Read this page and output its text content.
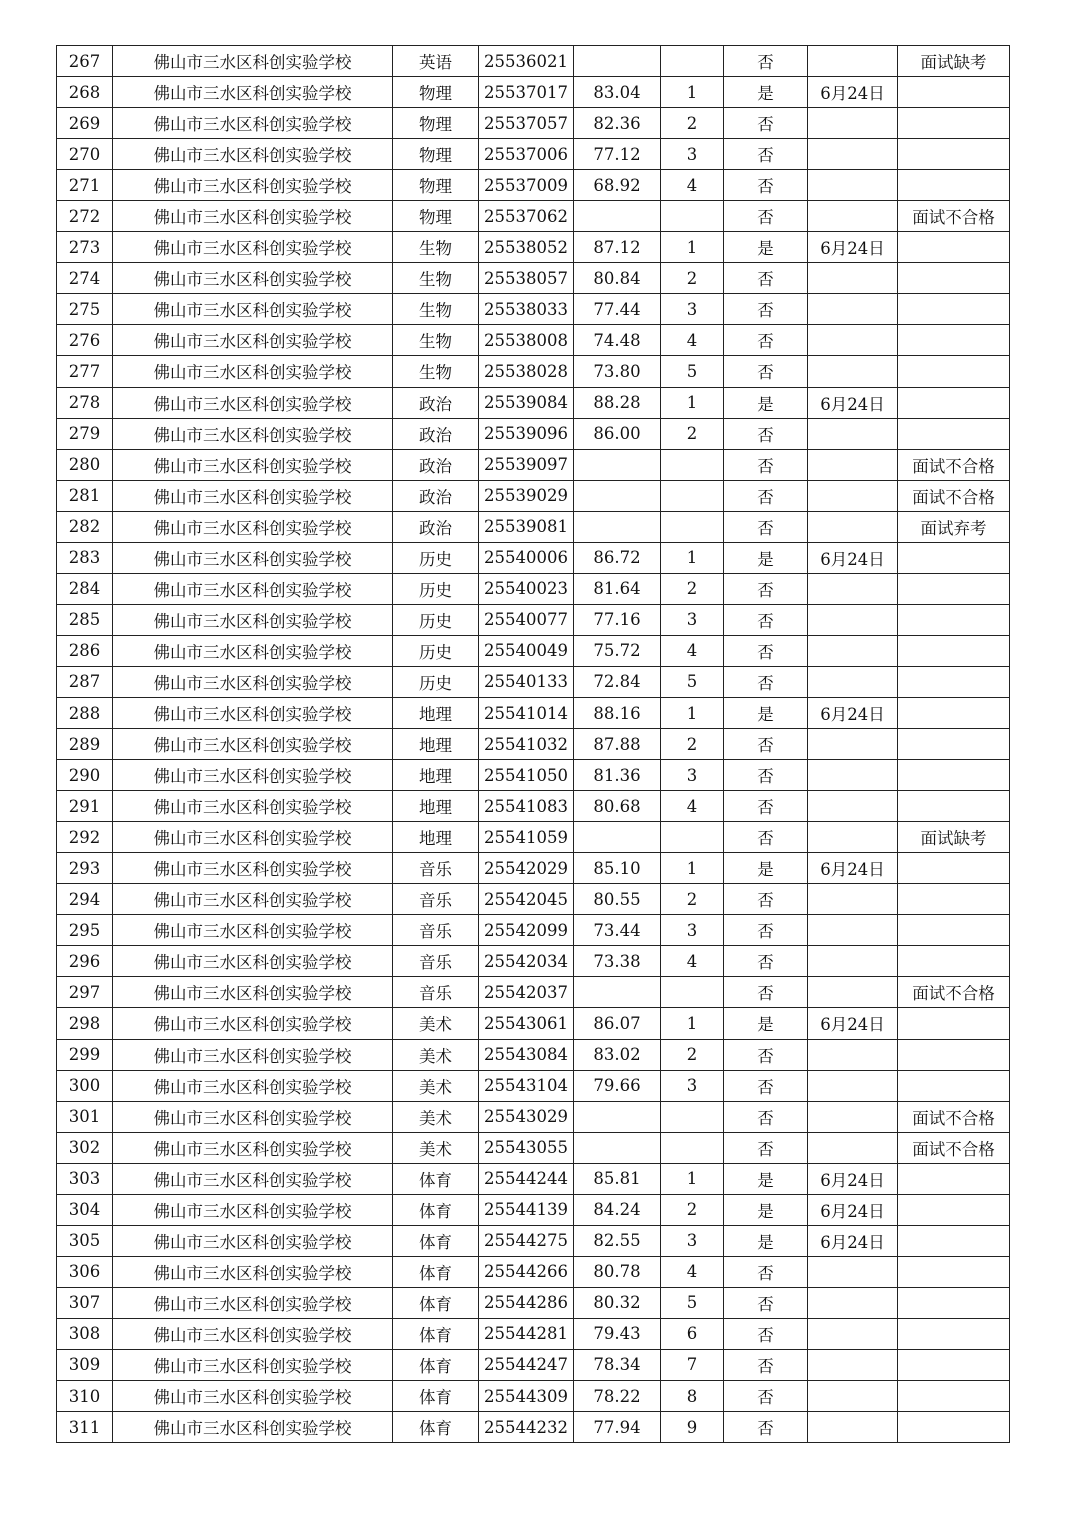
267	佛山市三水区科创实验学校	英语	25536021			否		面试缺考
268	佛山市三水区科创实验学校	物理	25537017	83.04	1	是	6月24日	
269	佛山市三水区科创实验学校	物理	25537057	82.36	2	否		
270	佛山市三水区科创实验学校	物理	25537006	77.12	3	否		
271	佛山市三水区科创实验学校	物理	25537009	68.92	4	否		
272	佛山市三水区科创实验学校	物理	25537062			否		面试不合格
273	佛山市三水区科创实验学校	生物	25538052	87.12	1	是	6月24日	
274	佛山市三水区科创实验学校	生物	25538057	80.84	2	否		
275	佛山市三水区科创实验学校	生物	25538033	77.44	3	否		
276	佛山市三水区科创实验学校	生物	25538008	74.48	4	否		
277	佛山市三水区科创实验学校	生物	25538028	73.80	5	否		
278	佛山市三水区科创实验学校	政治	25539084	88.28	1	是	6月24日	
279	佛山市三水区科创实验学校	政治	25539096	86.00	2	否		
280	佛山市三水区科创实验学校	政治	25539097			否		面试不合格
281	佛山市三水区科创实验学校	政治	25539029			否		面试不合格
282	佛山市三水区科创实验学校	政治	25539081			否		面试弃考
283	佛山市三水区科创实验学校	历史	25540006	86.72	1	是	6月24日	
284	佛山市三水区科创实验学校	历史	25540023	81.64	2	否		
285	佛山市三水区科创实验学校	历史	25540077	77.16	3	否		
286	佛山市三水区科创实验学校	历史	25540049	75.72	4	否		
287	佛山市三水区科创实验学校	历史	25540133	72.84	5	否		
288	佛山市三水区科创实验学校	地理	25541014	88.16	1	是	6月24日	
289	佛山市三水区科创实验学校	地理	25541032	87.88	2	否		
290	佛山市三水区科创实验学校	地理	25541050	81.36	3	否		
291	佛山市三水区科创实验学校	地理	25541083	80.68	4	否		
292	佛山市三水区科创实验学校	地理	25541059			否		面试缺考
293	佛山市三水区科创实验学校	音乐	25542029	85.10	1	是	6月24日	
294	佛山市三水区科创实验学校	音乐	25542045	80.55	2	否		
295	佛山市三水区科创实验学校	音乐	25542099	73.44	3	否		
296	佛山市三水区科创实验学校	音乐	25542034	73.38	4	否		
297	佛山市三水区科创实验学校	音乐	25542037			否		面试不合格
298	佛山市三水区科创实验学校	美术	25543061	86.07	1	是	6月24日	
299	佛山市三水区科创实验学校	美术	25543084	83.02	2	否		
300	佛山市三水区科创实验学校	美术	25543104	79.66	3	否		
301	佛山市三水区科创实验学校	美术	25543029			否		面试不合格
302	佛山市三水区科创实验学校	美术	25543055			否		面试不合格
303	佛山市三水区科创实验学校	体育	25544244	85.81	1	是	6月24日	
304	佛山市三水区科创实验学校	体育	25544139	84.24	2	是	6月24日	
305	佛山市三水区科创实验学校	体育	25544275	82.55	3	是	6月24日	
306	佛山市三水区科创实验学校	体育	25544266	80.78	4	否		
307	佛山市三水区科创实验学校	体育	25544286	80.32	5	否		
308	佛山市三水区科创实验学校	体育	25544281	79.43	6	否		
309	佛山市三水区科创实验学校	体育	25544247	78.34	7	否		
310	佛山市三水区科创实验学校	体育	25544309	78.22	8	否		
311	佛山市三水区科创实验学校	体育	25544232	77.94	9	否		
